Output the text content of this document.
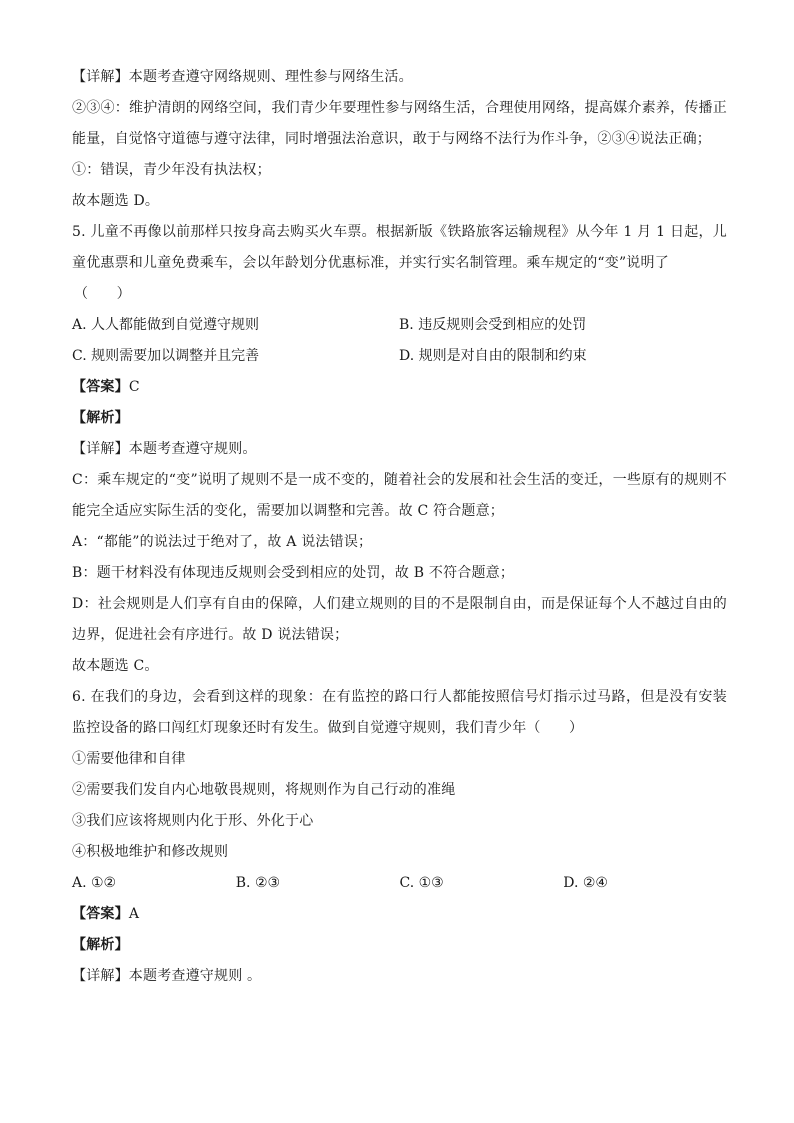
【详解】本题考查遵守网络规则、理性参与网络生活。
②③④：维护清朗的网络空间，我们青少年要理性参与网络生活，合理使用网络，提高媒介素养，传播正能量，自觉恪守道德与遵守法律，同时增强法治意识，敢于与网络不法行为作斗争，②③④说法正确；
①：错误，青少年没有执法权；
故本题选 D。
5. 儿童不再像以前那样只按身高去购买火车票。根据新版《铁路旅客运输规程》从今年 1 月 1 日起，儿童优惠票和儿童免费乘车，会以年龄划分优惠标准，并实行实名制管理。乘车规定的“变”说明了
（　　）
A. 人人都能做到自觉遵守规则	B. 违反规则会受到相应的处罚
C. 规则需要加以调整并且完善	D. 规则是对自由的限制和约束
【答案】C
【解析】
【详解】本题考查遵守规则。
C：乘车规定的“变”说明了规则不是一成不变的，随着社会的发展和社会生活的变迁，一些原有的规则不能完全适应实际生活的变化，需要加以调整和完善。故 C 符合题意；
A：“都能”的说法过于绝对了，故 A 说法错误；
B：题干材料没有体现违反规则会受到相应的处罚，故 B 不符合题意；
D：社会规则是人们享有自由的保障，人们建立规则的目的不是限制自由，而是保证每个人不越过自由的边界，促进社会有序进行。故 D 说法错误；
故本题选 C。
6. 在我们的身边，会看到这样的现象：在有监控的路口行人都能按照信号灯指示过马路，但是没有安装监控设备的路口闯红灯现象还时有发生。做到自觉遵守规则，我们青少年（　　）
①需要他律和自律
②需要我们发自内心地敬畏规则，将规则作为自己行动的准绳
③我们应该将规则内化于形、外化于心
④积极地维护和修改规则
A. ①②	B. ②③	C. ①③	D. ②④
【答案】A
【解析】
【详解】本题考查遵守规则 。
